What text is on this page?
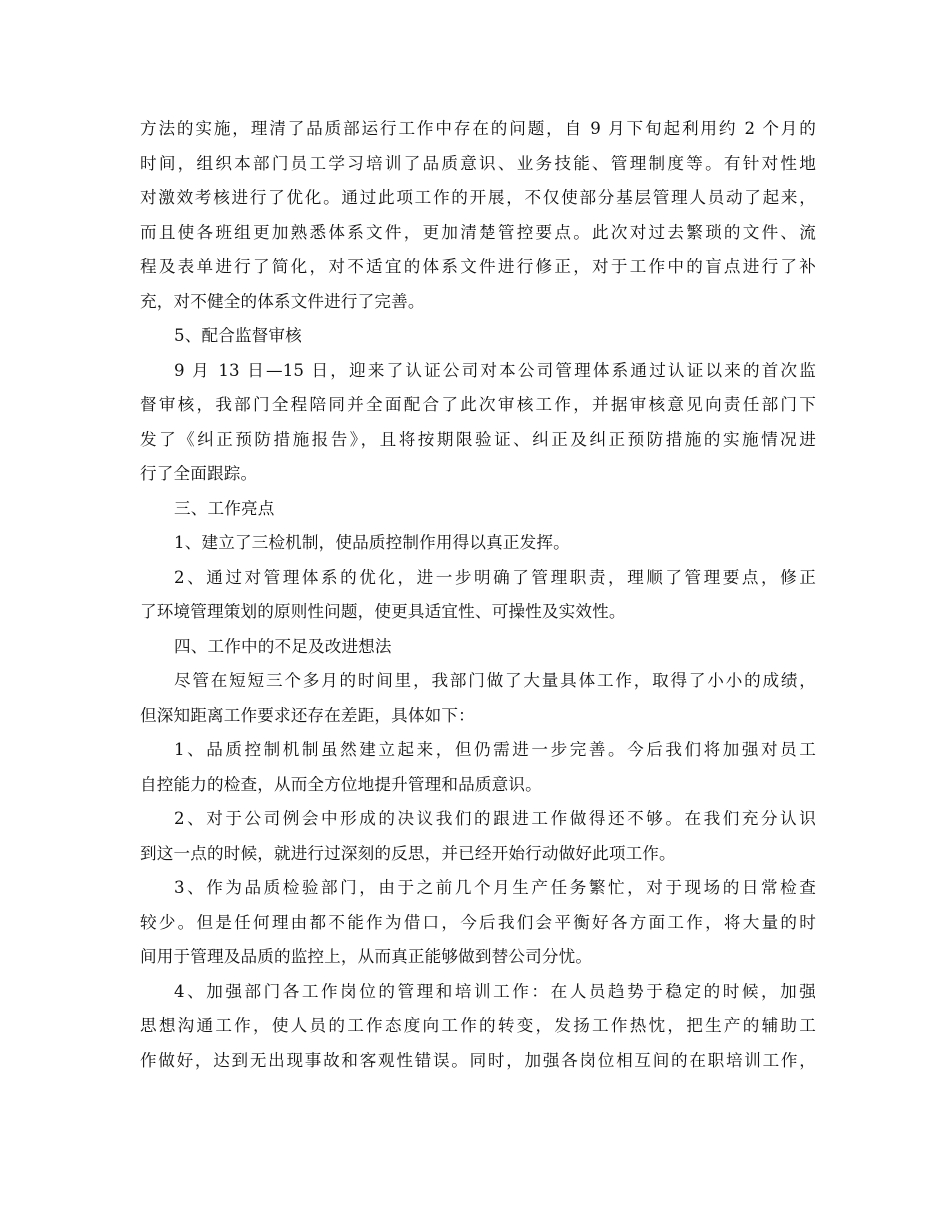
方法的实施，理清了品质部运行工作中存在的问题，自 9 月下旬起利用约 2 个月的
时间，组织本部门员工学习培训了品质意识、业务技能、管理制度等。有针对性地
对激效考核进行了优化。通过此项工作的开展，不仅使部分基层管理人员动了起来，
而且使各班组更加熟悉体系文件，更加清楚管控要点。此次对过去繁琐的文件、流
程及表单进行了简化，对不适宜的体系文件进行修正，对于工作中的盲点进行了补
充，对不健全的体系文件进行了完善。
5、配合监督审核
9 月 13 日—15 日，迎来了认证公司对本公司管理体系通过认证以来的首次监
督审核，我部门全程陪同并全面配合了此次审核工作，并据审核意见向责任部门下
发了《纠正预防措施报告》，且将按期限验证、纠正及纠正预防措施的实施情况进
行了全面跟踪。
三、工作亮点
1、建立了三检机制，使品质控制作用得以真正发挥。
2、通过对管理体系的优化，进一步明确了管理职责，理顺了管理要点，修正
了环境管理策划的原则性问题，使更具适宜性、可操性及实效性。
四、工作中的不足及改进想法
尽管在短短三个多月的时间里，我部门做了大量具体工作，取得了小小的成绩，
但深知距离工作要求还存在差距，具体如下：
1、品质控制机制虽然建立起来，但仍需进一步完善。今后我们将加强对员工
自控能力的检查，从而全方位地提升管理和品质意识。
2、对于公司例会中形成的决议我们的跟进工作做得还不够。在我们充分认识
到这一点的时候，就进行过深刻的反思，并已经开始行动做好此项工作。
3、作为品质检验部门，由于之前几个月生产任务繁忙，对于现场的日常检查
较少。但是任何理由都不能作为借口，今后我们会平衡好各方面工作，将大量的时
间用于管理及品质的监控上，从而真正能够做到替公司分忧。
4、加强部门各工作岗位的管理和培训工作：在人员趋势于稳定的时候，加强
思想沟通工作，使人员的工作态度向工作的转变，发扬工作热忱，把生产的辅助工
作做好，达到无出现事故和客观性错误。同时，加强各岗位相互间的在职培训工作，
